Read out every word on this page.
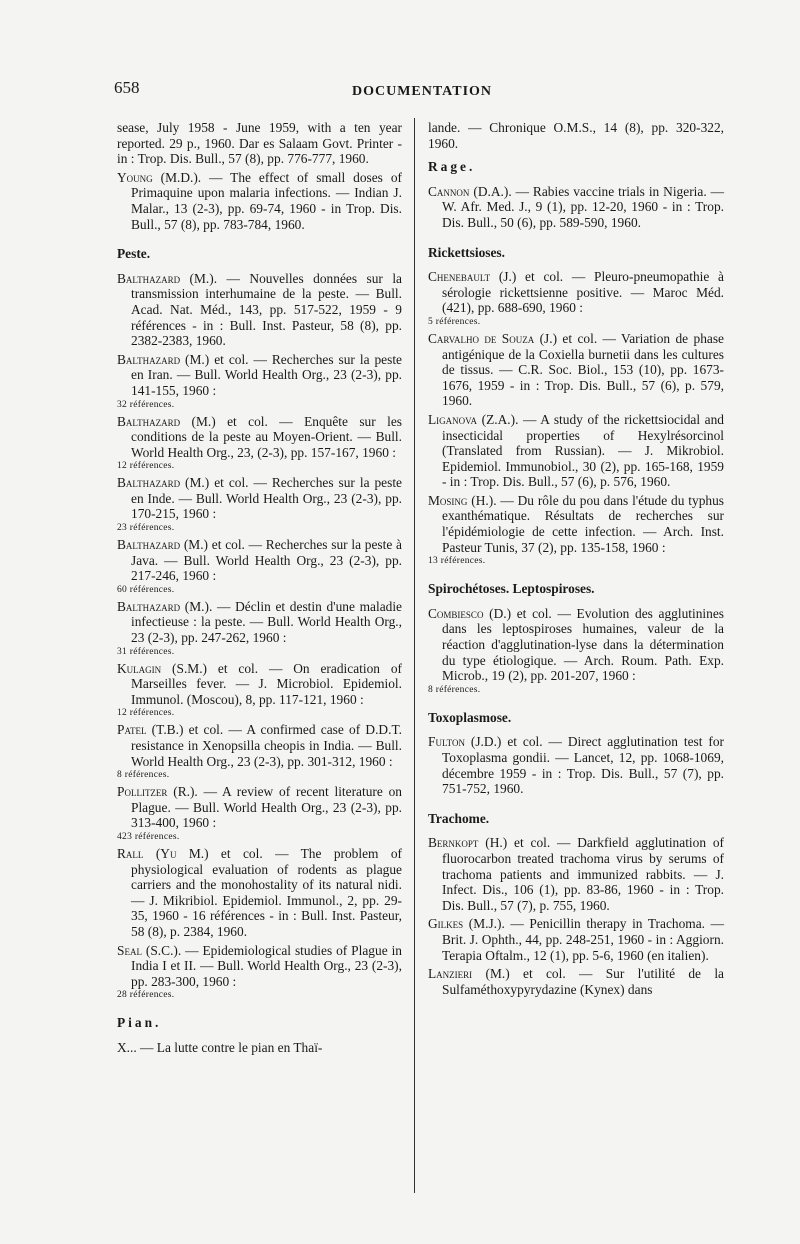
658	DOCUMENTATION
sease, July 1958 - June 1959, with a ten year reported. 29 p., 1960. Dar es Salaam Govt. Printer - in : Trop. Dis. Bull., 57 (8), pp. 776-777, 1960.
Young (M.D.). — The effect of small doses of Primaquine upon malaria infections. — Indian J. Malar., 13 (2-3), pp. 69-74, 1960 - in Trop. Dis. Bull., 57 (8), pp. 783-784, 1960.
Peste.
Balthazard (M.). — Nouvelles données sur la transmission interhumaine de la peste. — Bull. Acad. Nat. Méd., 143, pp. 517-522, 1959 - 9 références - in : Bull. Inst. Pasteur, 58 (8), pp. 2382-2383, 1960.
Balthazard (M.) et col. — Recherches sur la peste en Iran. — Bull. World Health Org., 23 (2-3), pp. 141-155, 1960 :
32 références.
Balthazard (M.) et col. — Enquête sur les conditions de la peste au Moyen-Orient. — Bull. World Health Org., 23, (2-3), pp. 157-167, 1960 :
12 références.
Balthazard (M.) et col. — Recherches sur la peste en Inde. — Bull. World Health Org., 23 (2-3), pp. 170-215, 1960 :
23 références.
Balthazard (M.) et col. — Recherches sur la peste à Java. — Bull. World Health Org., 23 (2-3), pp. 217-246, 1960 :
60 références.
Balthazard (M.). — Déclin et destin d'une maladie infectieuse : la peste. — Bull. World Health Org., 23 (2-3), pp. 247-262, 1960 :
31 références.
Kulagin (S.M.) et col. — On eradication of Marseilles fever. — J. Microbiol. Epidemiol. Immunol. (Moscou), 8, pp. 117-121, 1960 :
12 références.
Patel (T.B.) et col. — A confirmed case of D.D.T. resistance in Xenopsilla cheopis in India. — Bull. World Health Org., 23 (2-3), pp. 301-312, 1960 :
8 références.
Pollitzer (R.). — A review of recent literature on Plague. — Bull. World Health Org., 23 (2-3), pp. 313-400, 1960 :
423 références.
Rall (Yu M.) et col. — The problem of physiological evaluation of rodents as plague carriers and the monohostality of its natural nidi. — J. Mikribiol. Epidemiol. Immunol., 2, pp. 29-35, 1960 - 16 références - in : Bull. Inst. Pasteur, 58 (8), p. 2384, 1960.
Seal (S.C.). — Epidemiological studies of Plague in India I et II. — Bull. World Health Org., 23 (2-3), pp. 283-300, 1960 :
28 références.
Pian.
X... — La lutte contre le pian en Thaï-
lande. — Chronique O.M.S., 14 (8), pp. 320-322, 1960.
Rage.
Cannon (D.A.). — Rabies vaccine trials in Nigeria. — W. Afr. Med. J., 9 (1), pp. 12-20, 1960 - in : Trop. Dis. Bull., 50 (6), pp. 589-590, 1960.
Rickettsioses.
Chenebault (J.) et col. — Pleuro-pneumopathie à sérologie rickettsienne positive. — Maroc Méd. (421), pp. 688-690, 1960 :
5 références.
Carvalho de Souza (J.) et col. — Variation de phase antigénique de la Coxiella burnetii dans les cultures de tissus. — C.R. Soc. Biol., 153 (10), pp. 1673-1676, 1959 - in : Trop. Dis. Bull., 57 (6), p. 579, 1960.
Liganova (Z.A.). — A study of the rickettsiocidal and insecticidal properties of Hexylrésorcinol (Translated from Russian). — J. Mikrobiol. Epidemiol. Immunobiol., 30 (2), pp. 165-168, 1959 - in : Trop. Dis. Bull., 57 (6), p. 576, 1960.
Mosing (H.). — Du rôle du pou dans l'étude du typhus exanthématique. Résultats de recherches sur l'épidémiologie de cette infection. — Arch. Inst. Pasteur Tunis, 37 (2), pp. 135-158, 1960 :
13 références.
Spirochétoses. Leptospiroses.
Combiesco (D.) et col. — Evolution des agglutinines dans les leptospiroses humaines, valeur de la réaction d'agglutination-lyse dans la détermination du type étiologique. — Arch. Roum. Path. Exp. Microb., 19 (2), pp. 201-207, 1960 :
8 références.
Toxoplasmose.
Fulton (J.D.) et col. — Direct agglutination test for Toxoplasma gondii. — Lancet, 12, pp. 1068-1069, décembre 1959 - in : Trop. Dis. Bull., 57 (7), pp. 751-752, 1960.
Trachome.
Bernkopt (H.) et col. — Darkfield agglutination of fluorocarbon treated trachoma virus by serums of trachoma patients and immunized rabbits. — J. Infect. Dis., 106 (1), pp. 83-86, 1960 - in : Trop. Dis. Bull., 57 (7), p. 755, 1960.
Gilkes (M.J.). — Penicillin therapy in Trachoma. — Brit. J. Ophth., 44, pp. 248-251, 1960 - in : Aggiorn. Terapia Oftalm., 12 (1), pp. 5-6, 1960 (en italien).
Lanzieri (M.) et col. — Sur l'utilité de la Sulfaméthoxypyrydazine (Kynex) dans
